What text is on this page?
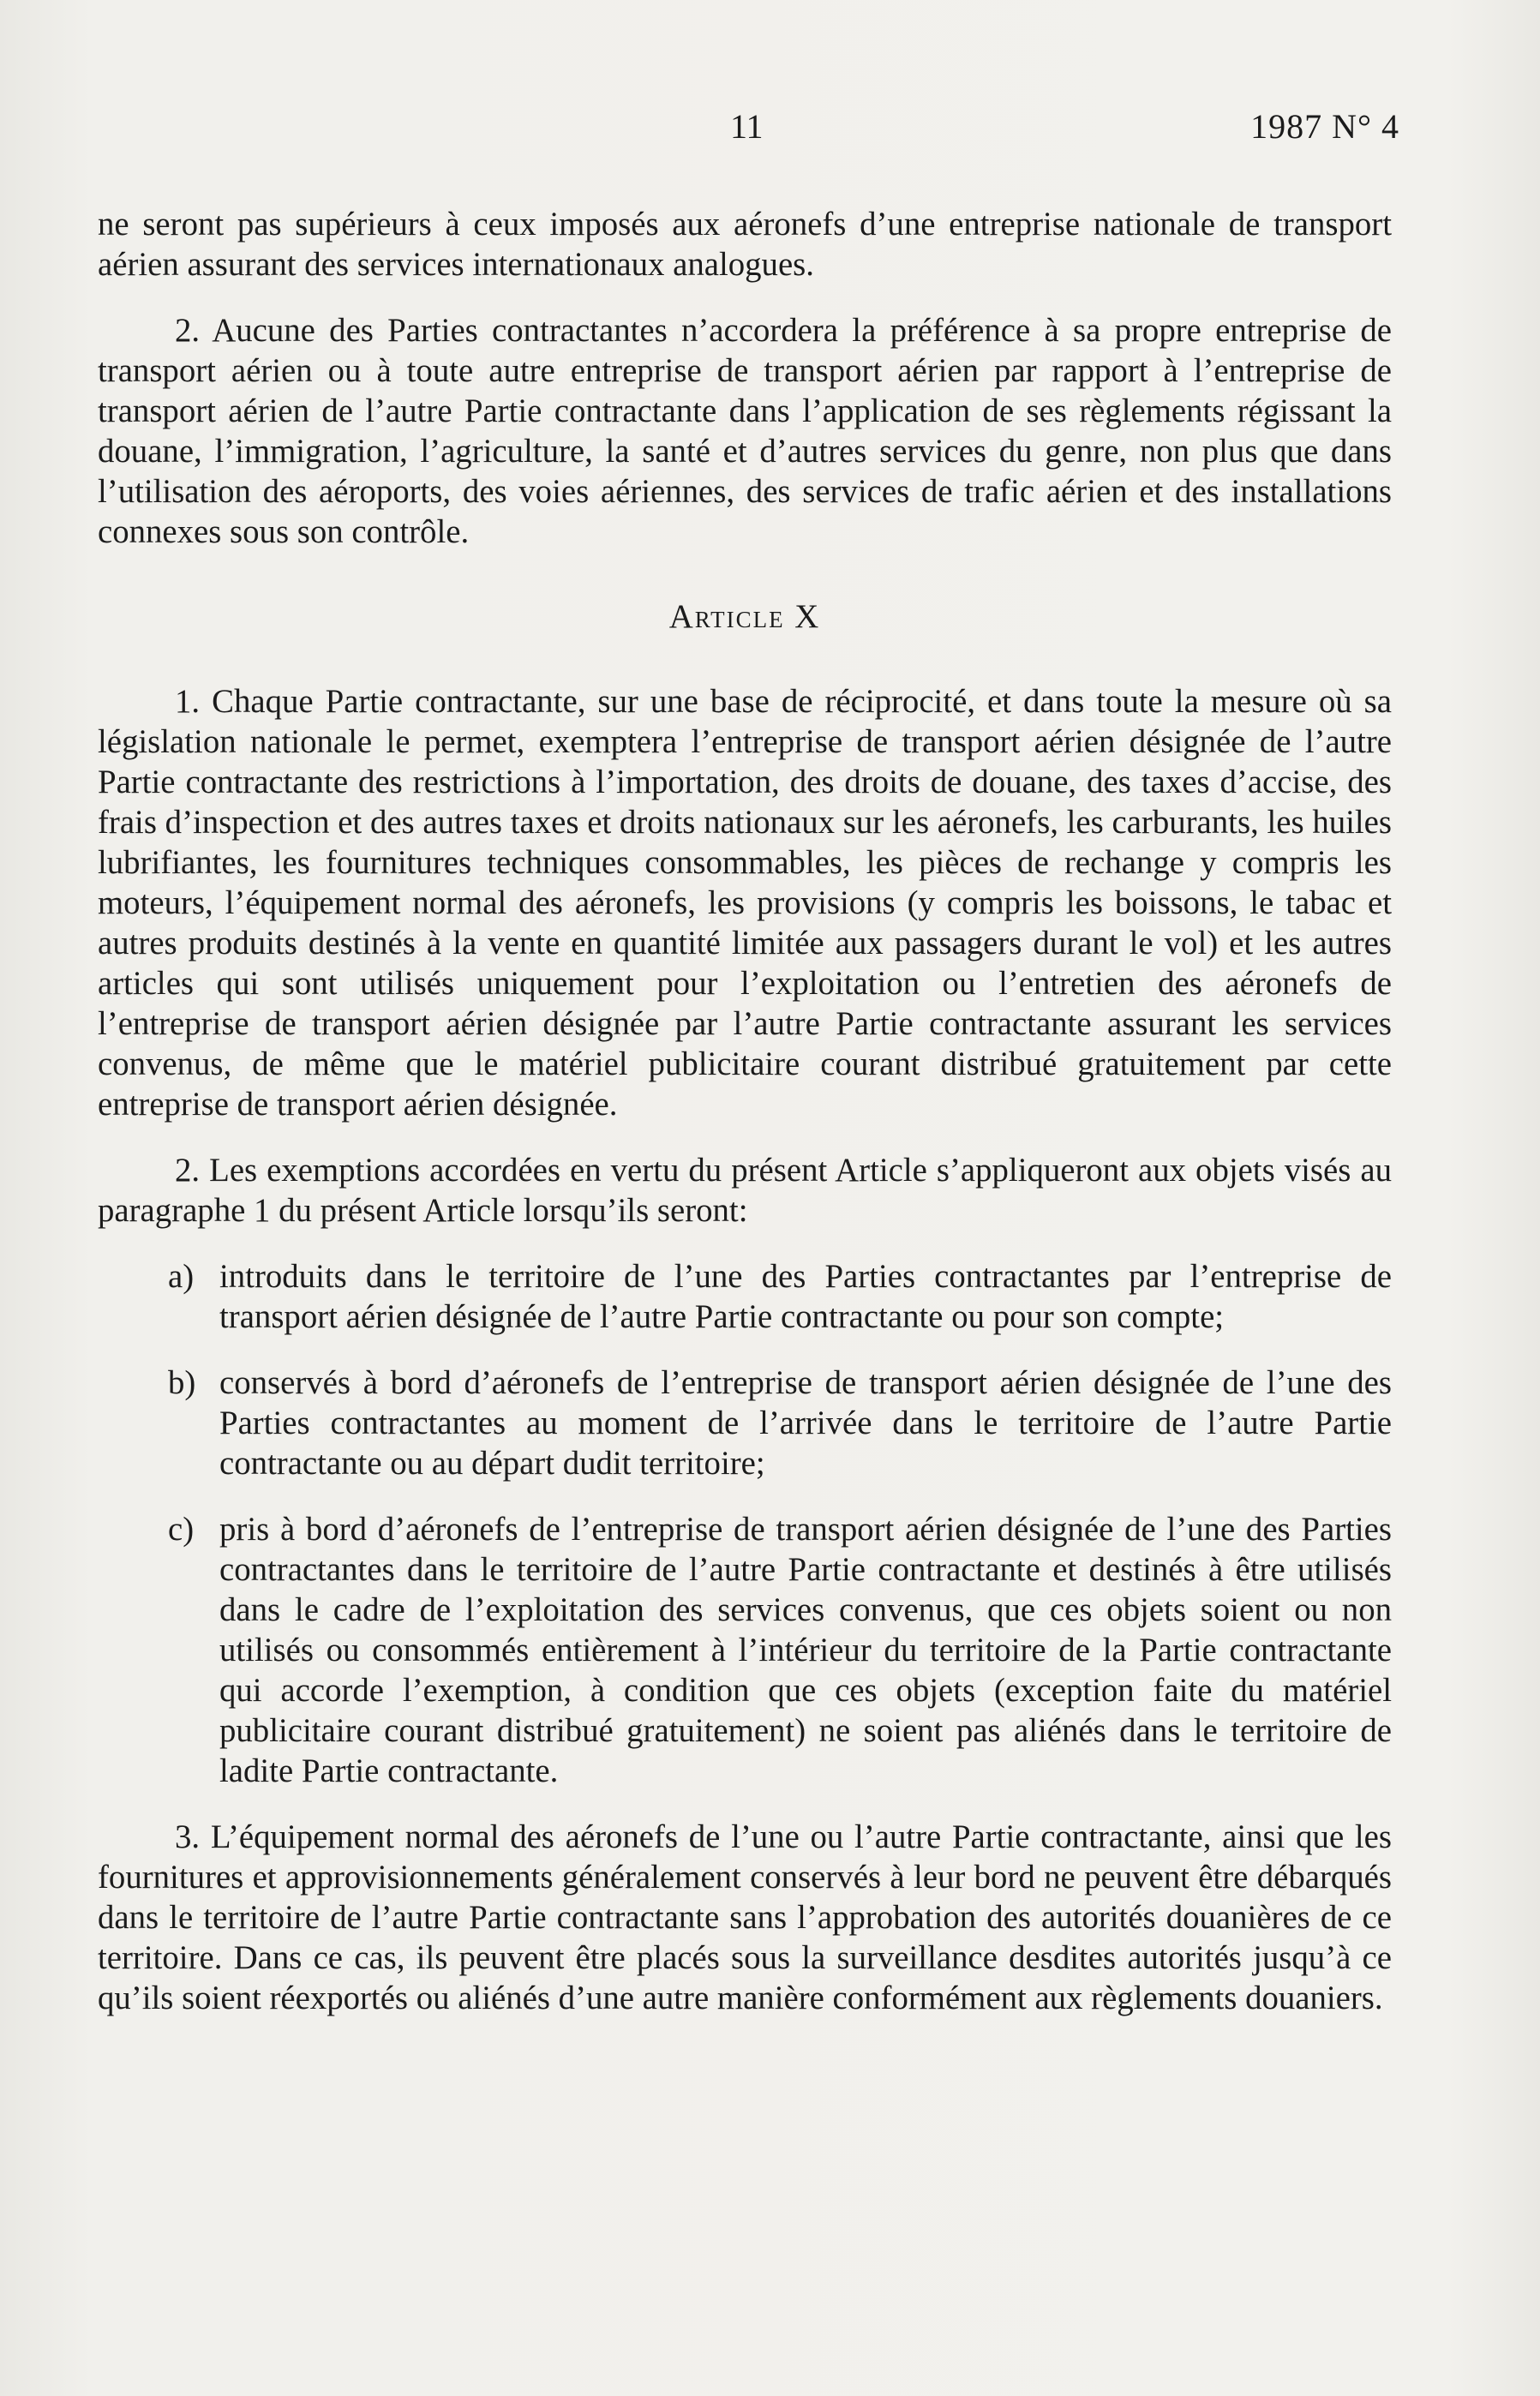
11	1987 N° 4

ne seront pas supérieurs à ceux imposés aux aéronefs d’une entreprise nationale de transport aérien assurant des services internationaux analogues.

2. Aucune des Parties contractantes n’accordera la préférence à sa propre entreprise de transport aérien ou à toute autre entreprise de transport aérien par rapport à l’entreprise de transport aérien de l’autre Partie contractante dans l’application de ses règlements régissant la douane, l’immigration, l’agriculture, la santé et d’autres services du genre, non plus que dans l’utilisation des aéroports, des voies aériennes, des services de trafic aérien et des installations connexes sous son contrôle.

Article X

1. Chaque Partie contractante, sur une base de réciprocité, et dans toute la mesure où sa législation nationale le permet, exemptera l’entreprise de transport aérien désignée de l’autre Partie contractante des restrictions à l’importation, des droits de douane, des taxes d’accise, des frais d’inspection et des autres taxes et droits nationaux sur les aéronefs, les carburants, les huiles lubrifiantes, les fournitures techniques consommables, les pièces de rechange y compris les moteurs, l’équipement normal des aéronefs, les provisions (y compris les boissons, le tabac et autres produits destinés à la vente en quantité limitée aux passagers durant le vol) et les autres articles qui sont utilisés uniquement pour l’exploitation ou l’entretien des aéronefs de l’entreprise de transport aérien désignée par l’autre Partie contractante assurant les services convenus, de même que le matériel publicitaire courant distribué gratuitement par cette entreprise de transport aérien désignée.

2. Les exemptions accordées en vertu du présent Article s’appliqueront aux objets visés au paragraphe 1 du présent Article lorsqu’ils seront:

a) introduits dans le territoire de l’une des Parties contractantes par l’entreprise de transport aérien désignée de l’autre Partie contractante ou pour son compte;
b) conservés à bord d’aéronefs de l’entreprise de transport aérien désignée de l’une des Parties contractantes au moment de l’arrivée dans le territoire de l’autre Partie contractante ou au départ dudit territoire;
c) pris à bord d’aéronefs de l’entreprise de transport aérien désignée de l’une des Parties contractantes dans le territoire de l’autre Partie contractante et destinés à être utilisés dans le cadre de l’exploitation des services convenus, que ces objets soient ou non utilisés ou consommés entièrement à l’intérieur du territoire de la Partie contractante qui accorde l’exemption, à condition que ces objets (exception faite du matériel publicitaire courant distribué gratuitement) ne soient pas aliénés dans le territoire de ladite Partie contractante.

3. L’équipement normal des aéronefs de l’une ou l’autre Partie contractante, ainsi que les fournitures et approvisionnements généralement conservés à leur bord ne peuvent être débarqués dans le territoire de l’autre Partie contractante sans l’approbation des autorités douanières de ce territoire. Dans ce cas, ils peuvent être placés sous la surveillance desdites autorités jusqu’à ce qu’ils soient réexportés ou aliénés d’une autre manière conformément aux règlements douaniers.
